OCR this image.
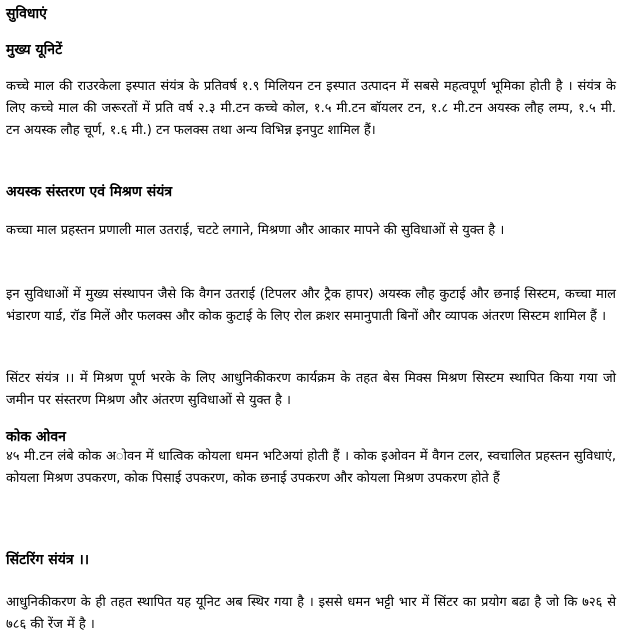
सुविधाएं
मुख्य यूनिटें
कच्चे माल की राउरकेला इस्पात संयंत्र के प्रतिवर्ष १.९ मिलियन टन इस्पात उत्पादन में सबसे महत्वपूर्ण भूमिका होती है । संयंत्र के लिए कच्चे माल की जरूरतों में प्रति वर्ष २.३ मी.टन कच्चे कोल, १.५ मी.टन बॉयलर टन, १.८ मी.टन अयस्क लौह लम्प, १.५ मी. टन अयस्क लौह चूर्ण, १.६ मी.) टन फलक्स तथा अन्य विभिन्न इनपुट शामिल हैं।
अयस्क संस्तरण एवं मिश्रण संयंत्र
कच्चा माल प्रहस्तन प्रणाली माल उतराई, चटटे लगाने, मिश्रणा और आकार मापने की सुविधाओं से युक्त है ।
इन सुविधाओं में मुख्य संस्थापन जैसे कि वैगन उतराई (टिपलर और ट्रैक हापर) अयस्क लौह कुटाई और छनाई सिस्टम, कच्चा माल भंडारण यार्ड, रॉड मिलें और फलक्स और कोक कुटाई के लिए रोल क्रशर समानुपाती बिनों और व्यापक अंतरण सिस्टम शामिल हैं ।
सिंटर संयंत्र ।। में मिश्रण पूर्ण भरके के लिए आधुनिकीकरण कार्यक्रम के तहत बेस मिक्स मिश्रण सिस्टम स्थापित किया गया जो जमीन पर संस्तरण मिश्रण और अंतरण सुविधाओं से युक्त है ।
कोक ओवन
४५ मी.टन लंबे कोक अोवन में धात्विक कोयला धमन भटिअयां होती हैं । कोक इओवन में वैगन टलर, स्वचालित प्रहस्तन सुविधाएं, कोयला मिश्रण उपकरण, कोक पिसाई उपकरण, कोक छनाई उपकरण और कोयला मिश्रण उपकरण होते हैं
सिंटरिंग संयंत्र ।।
आधुनिकीकरण के ही तहत स्थापित यह यूनिट अब स्थिर गया है । इससे धमन भट्टी भार में सिंटर का प्रयोग बढा है जो कि ७२६ से ७८६ की रेंज में है ।
